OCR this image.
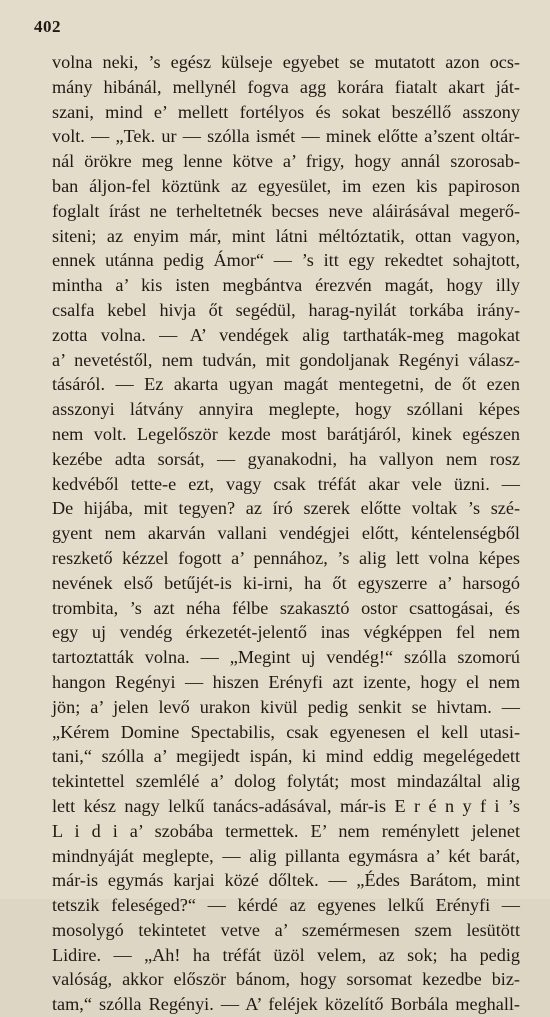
402
volna neki, ’s egész külseje egyebet se mutatott azon ocs-
mány hibánál, mellynél fogva agg korára fiatalt akart ját-
szani, mind e’ mellett fortélyos és sokat beszéllő asszony
volt. — „Tek. ur — szólla ismét — minek előtte a’szent oltár-
nál örökre meg lenne kötve a’ frigy, hogy annál szorosab-
ban áljon-fel köztünk az egyesület, im ezen kis papiroson
foglalt írást ne terheltetnék becses neve aláirásával megerő-
siteni; az enyim már, mint látni méltóztatik, ottan vagyon,
ennek utánna pedig Ámor“ — ’s itt egy rekedtet sohajtott,
mintha a’ kis isten megbántva érezvén magát, hogy illy
csalfa kebel hivja őt segédül, harag-nyilát torkába irány-
zotta volna. — A’ vendégek alig tarthaták-meg magokat
a’ nevetéstől, nem tudván, mit gondoljanak Regényi válasz-
tásáról. — Ez akarta ugyan magát mentegetni, de őt ezen
asszonyi látvány annyira meglepte, hogy szóllani képes
nem volt. Legelőször kezde most barátjáról, kinek egészen
kezébe adta sorsát, — gyanakodni, ha vallyon nem rosz
kedvéből tette-e ezt, vagy csak tréfát akar vele üzni. —
De hijába, mit tegyen? az író szerek előtte voltak ’s szé-
gyent nem akarván vallani vendégjei előtt, kéntelenségből
reszkető kézzel fogott a’ pennához, ’s alig lett volna képes
nevének első betűjét-is ki-irni, ha őt egyszerre a’ harsogó
trombita, ’s azt néha félbe szakasztó ostor csattogásai, és
egy uj vendég érkezetét-jelentő inas végképpen fel nem
tartoztatták volna. — „Megint uj vendég!“ szólla szomorú
hangon Regényi — hiszen Erényfi azt izente, hogy el nem
jön; a’ jelen levő urakon kivül pedig senkit se hivtam. —
„Kérem Domine Spectabilis, csak egyenesen el kell utasi-
tani,“ szólla a’ megijedt ispán, ki mind eddig megelégedett
tekintettel szemlélé a’ dolog folytát; most mindazáltal alig
lett kész nagy lelkű tanács-adásával, már-is E r é n y f i ’s
L i d i a’ szobába termettek. E’ nem reménylett jelenet
mindnyáját meglepte, — alig pillanta egymásra a’ két barát,
már-is egymás karjai közé dőltek. — „Édes Barátom, mint
tetszik feleséged?“ — kérdé az egyenes lelkű Erényfi —
mosolygó tekintetet vetve a’ szemérmesen szem lesütött
Lidire. — „Ah! ha tréfát üzöl velem, az sok; ha pedig
valóság, akkor először bánom, hogy sorsomat kezedbe biz-
tam,“ szólla Regényi. — A’ feléjek közelítő Borbála meghall-
